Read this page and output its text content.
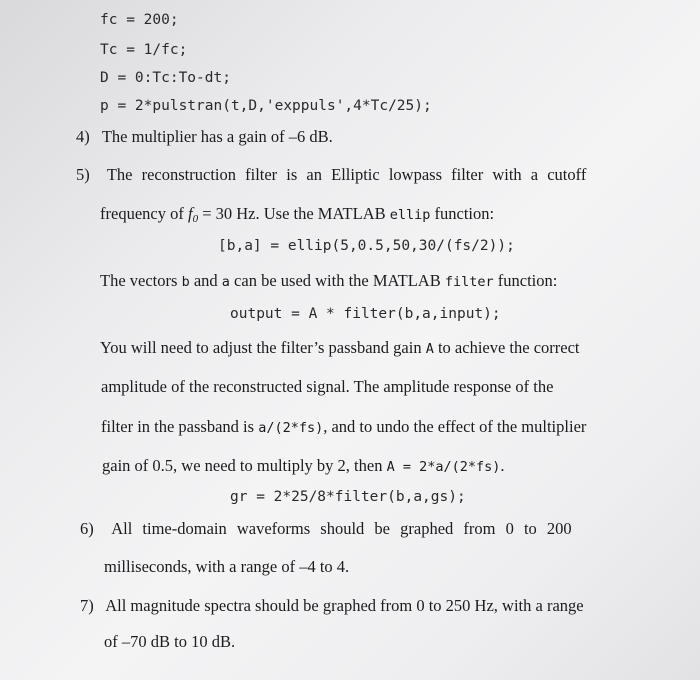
fc = 200;
Tc = 1/fc;
D = 0:Tc:To-dt;
p = 2*pulstran(t,D,'exppuls',4*Tc/25);
4) The multiplier has a gain of –6 dB.
5) The reconstruction filter is an Elliptic lowpass filter with a cutoff
frequency of $f_0 = 30$ Hz. Use the MATLAB ellip function:
[b,a] = ellip(5,0.5,50,30/(fs/2));
The vectors b and a can be used with the MATLAB filter function:
output = A * filter(b,a,input);
You will need to adjust the filter’s passband gain A to achieve the correct
amplitude of the reconstructed signal. The amplitude response of the
filter in the passband is a/(2*fs), and to undo the effect of the multiplier
gain of 0.5, we need to multiply by 2, then A = 2*a/(2*fs).
gr = 2*25/8*filter(b,a,gs);
6) All time-domain waveforms should be graphed from 0 to 200
milliseconds, with a range of –4 to 4.
7) All magnitude spectra should be graphed from 0 to 250 Hz, with a range
of –70 dB to 10 dB.
